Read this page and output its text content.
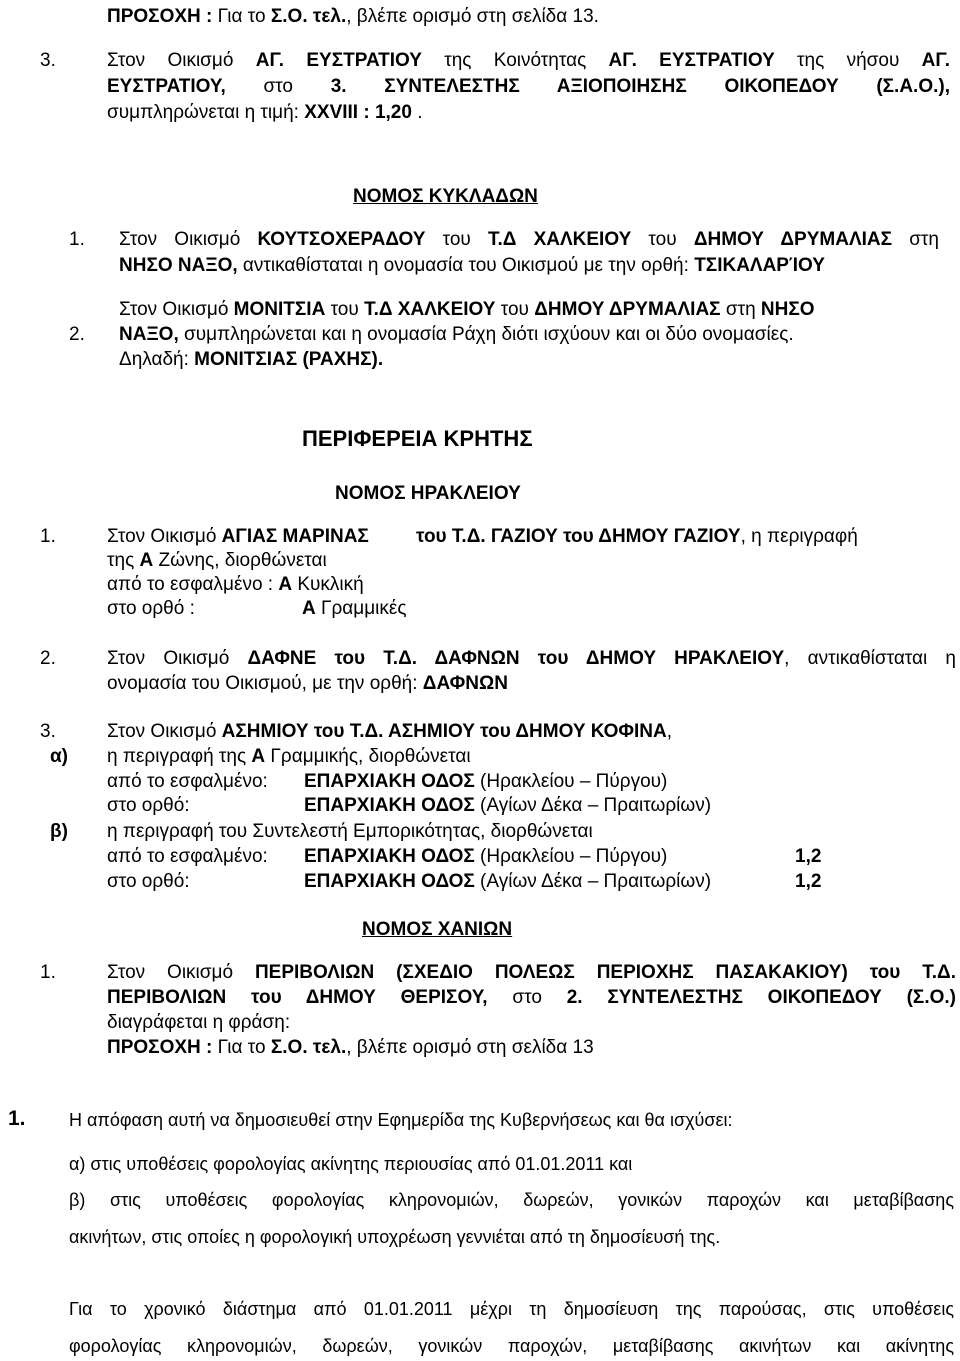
ΠΡΟΣΟΧΗ : Για το Σ.Ο. τελ., βλέπε ορισμό στη σελίδα 13.
3.	Στον Οικισμό ΑΓ. ΕΥΣΤΡΑΤΙΟΥ της Κοινότητας ΑΓ. ΕΥΣΤΡΑΤΙΟΥ της νήσου ΑΓ.
ΕΥΣΤΡΑΤΙΟΥ, στο 3. ΣΥΝΤΕΛΕΣΤΗΣ ΑΞΙΟΠΟΙΗΣΗΣ ΟΙΚΟΠΕΔΟΥ (Σ.Α.Ο.),
συμπληρώνεται η τιμή: XXVIII : 1,20 .
ΝΟΜΟΣ ΚΥΚΛΑΔΩΝ
1. Στον Οικισμό ΚΟΥΤΣΟΧΕΡΑΔΟΥ του Τ.Δ ΧΑΛΚΕΙΟΥ του ΔΗΜΟΥ ΔΡΥΜΑΛΙΑΣ στη
ΝΗΣΟ ΝΑΞΟ, αντικαθίσταται η ονομασία του Οικισμού με την ορθή: ΤΣΙΚΑΛΑΡΊΟΥ
Στον Οικισμό ΜΟΝΙΤΣΙΑ του Τ.Δ ΧΑΛΚΕΙΟΥ του ΔΗΜΟΥ ΔΡΥΜΑΛΙΑΣ στη ΝΗΣΟ
2. ΝΑΞΟ, συμπληρώνεται και η ονομασία Ράχη διότι ισχύουν και οι δύο ονομασίες.
Δηλαδή: ΜΟΝΙΤΣΙΑΣ (ΡΑΧΗΣ).
ΠΕΡΙΦΕΡΕΙΑ ΚΡΗΤΗΣ
ΝΟΜΟΣ ΗΡΑΚΛΕΙΟΥ
1.	Στον Οικισμό ΑΓΙΑΣ ΜΑΡΙΝΑΣ του Τ.Δ. ΓΑΖΙΟΥ του ΔΗΜΟΥ ΓΑΖΙΟΥ, η περιγραφή
της Α Ζώνης, διορθώνεται
από το εσφαλμένο : Α Κυκλική
στο ορθό :	Α Γραμμικές
2.	Στον Οικισμό ΔΑΦΝΕ του Τ.Δ. ΔΑΦΝΩΝ του ΔΗΜΟΥ ΗΡΑΚΛΕΙΟΥ, αντικαθίσταται η
ονομασία του Οικισμού, με την ορθή: ΔΑΦΝΩΝ
3.	Στον Οικισμό ΑΣΗΜΙΟΥ του Τ.Δ. ΑΣΗΜΙΟΥ του ΔΗΜΟΥ ΚΟΦΙΝΑ,
α) η περιγραφή της Α Γραμμικής, διορθώνεται
από το εσφαλμένο: ΕΠΑΡΧΙΑΚΗ ΟΔΟΣ (Ηρακλείου – Πύργου)
στο ορθό:	ΕΠΑΡΧΙΑΚΗ ΟΔΟΣ (Αγίων Δέκα – Πραιτωρίων)
β) η περιγραφή του Συντελεστή Εμπορικότητας, διορθώνεται
από το εσφαλμένο: ΕΠΑΡΧΙΑΚΗ ΟΔΟΣ (Ηρακλείου – Πύργου)	1,2
στο ορθό:	ΕΠΑΡΧΙΑΚΗ ΟΔΟΣ (Αγίων Δέκα – Πραιτωρίων)	1,2
ΝΟΜΟΣ ΧΑΝΙΩΝ
1.	Στον Οικισμό ΠΕΡΙΒΟΛΙΩΝ (ΣΧΕΔΙΟ ΠΟΛΕΩΣ ΠΕΡΙΟΧΗΣ ΠΑΣΑΚΑΚΙΟΥ) του Τ.Δ.
ΠΕΡΙΒΟΛΙΩΝ του ΔΗΜΟΥ ΘΕΡΙΣΟΥ, στο 2. ΣΥΝΤΕΛΕΣΤΗΣ ΟΙΚΟΠΕΔΟΥ (Σ.Ο.)
διαγράφεται η φράση:
ΠΡΟΣΟΧΗ : Για το Σ.Ο. τελ., βλέπε ορισμό στη σελίδα 13
1. Η απόφαση αυτή να δημοσιευθεί στην Εφημερίδα της Κυβερνήσεως και θα ισχύσει:
α) στις υποθέσεις φορολογίας ακίνητης περιουσίας από 01.01.2011 και
β) στις υποθέσεις φορολογίας κληρονομιών, δωρεών, γονικών παροχών και μεταβίβασης
ακινήτων, στις οποίες η φορολογική υποχρέωση γεννιέται από τη δημοσίευσή της.
Για το χρονικό διάστημα από 01.01.2011 μέχρι τη δημοσίευση της παρούσας, στις υποθέσεις
φορολογίας κληρονομιών, δωρεών, γονικών παροχών, μεταβίβασης ακινήτων και ακίνητης
